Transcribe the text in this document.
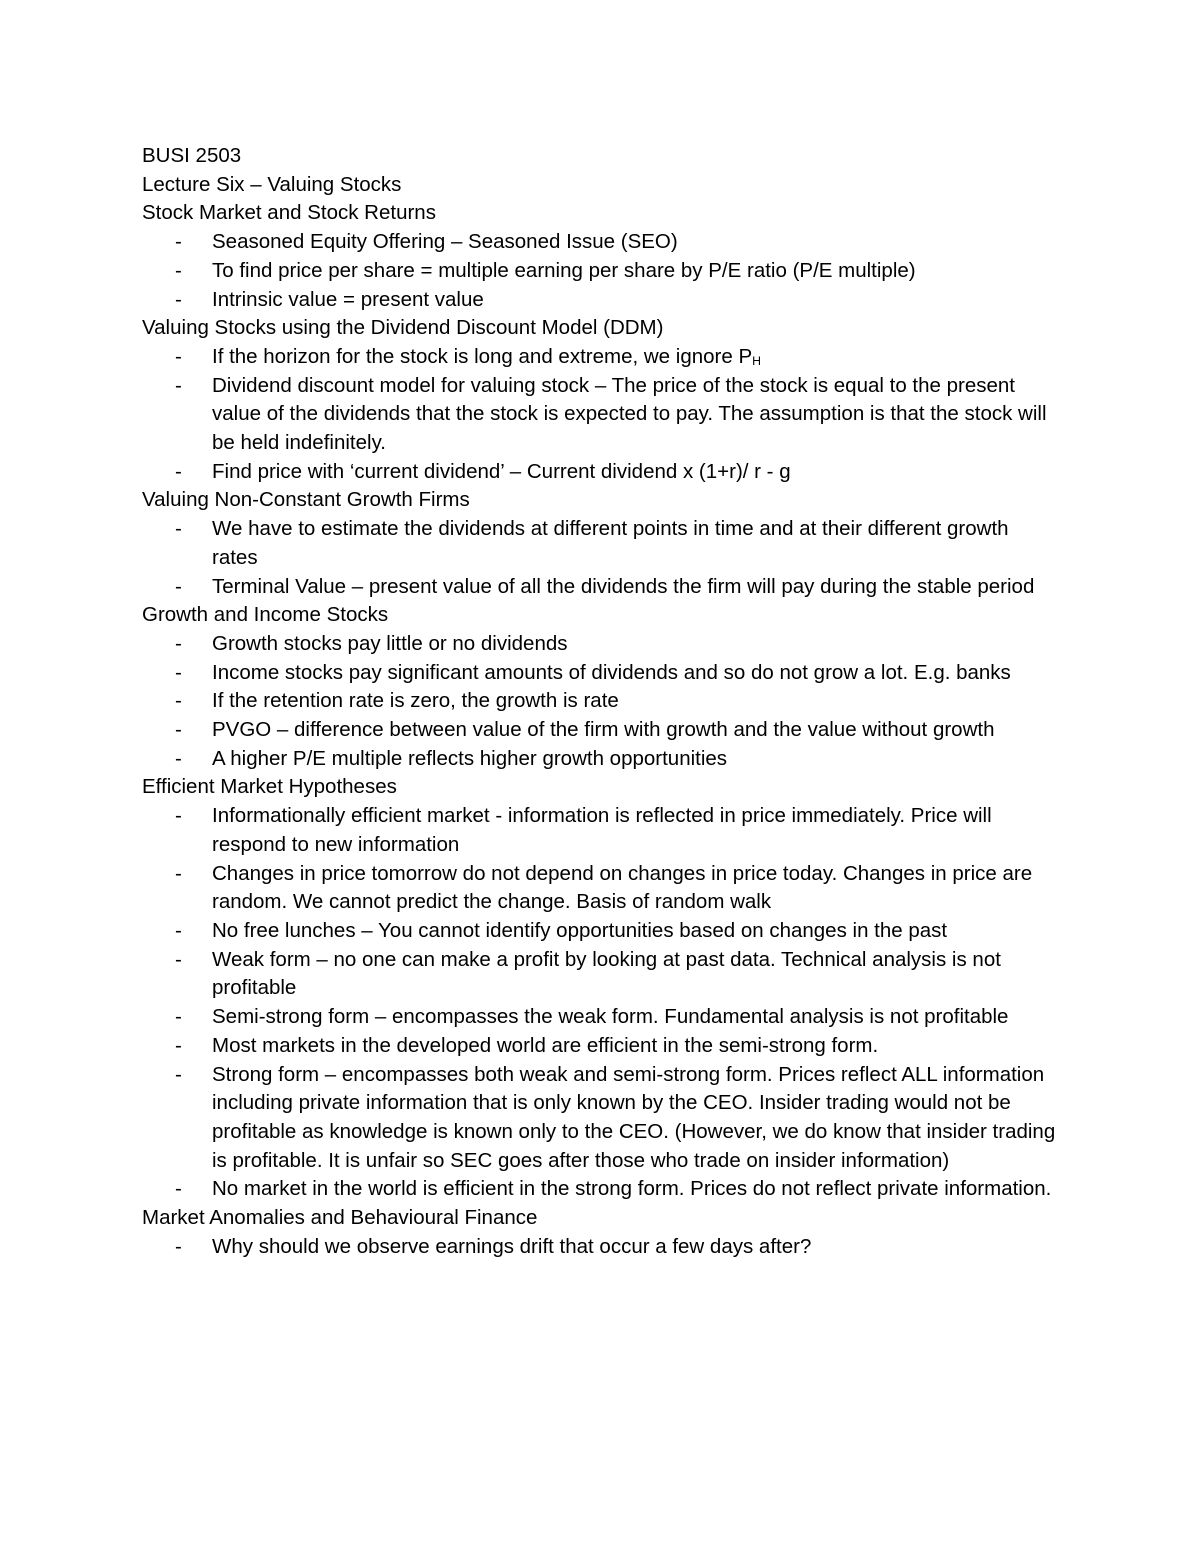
BUSI 2503

Lecture Six – Valuing Stocks

Stock Market and Stock Returns

- Seasoned Equity Offering – Seasoned Issue (SEO)
- To find price per share = multiple earning per share by P/E ratio (P/E multiple)
- Intrinsic value = present value

Valuing Stocks using the Dividend Discount Model (DDM)

- If the horizon for the stock is long and extreme, we ignore $P_H$
- Dividend discount model for valuing stock – The price of the stock is equal to the present value of the dividends that the stock is expected to pay. The assumption is that the stock will be held indefinitely.
- Find price with ‘current dividend’ – Current dividend x (1+r)/ r - g

Valuing Non-Constant Growth Firms

- We have to estimate the dividends at different points in time and at their different growth rates
- Terminal Value – present value of all the dividends the firm will pay during the stable period

Growth and Income Stocks

- Growth stocks pay little or no dividends
- Income stocks pay significant amounts of dividends and so do not grow a lot. E.g. banks
- If the retention rate is zero, the growth is rate
- PVGO – difference between value of the firm with growth and the value without growth
- A higher P/E multiple reflects higher growth opportunities

Efficient Market Hypotheses

- Informationally efficient market - information is reflected in price immediately. Price will respond to new information
- Changes in price tomorrow do not depend on changes in price today. Changes in price are random. We cannot predict the change. Basis of random walk
- No free lunches – You cannot identify opportunities based on changes in the past
- Weak form – no one can make a profit by looking at past data. Technical analysis is not profitable
- Semi-strong form – encompasses the weak form. Fundamental analysis is not profitable
- Most markets in the developed world are efficient in the semi-strong form.
- Strong form – encompasses both weak and semi-strong form. Prices reflect ALL information including private information that is only known by the CEO. Insider trading would not be profitable as knowledge is known only to the CEO. (However, we do know that insider trading is profitable. It is unfair so SEC goes after those who trade on insider information)
- No market in the world is efficient in the strong form. Prices do not reflect private information.

Market Anomalies and Behavioural Finance

- Why should we observe earnings drift that occur a few days after?
